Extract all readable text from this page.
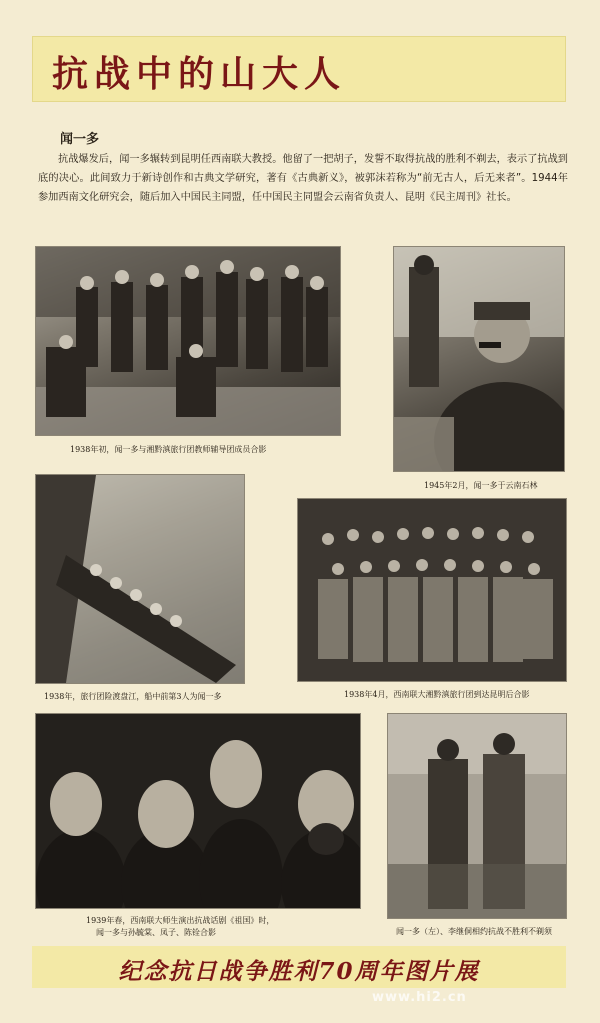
抗战中的山大人
闻一多

抗战爆发后，闻一多辗转到昆明任西南联大教授。他留了一把胡子，发誓不取得抗战的胜利不剃去，表示了抗战到底的决心。此间致力于新诗创作和古典文学研究，著有《古典新义》，被郭沫若称为“前无古人，后无来者”。1944年参加西南文化研究会，随后加入中国民主同盟，任中国民主同盟会云南省负责人、昆明《民主周刊》社长。

1938年初，闻一多与湘黔滇旅行团教师辅导团成员合影
1945年2月，闻一多于云南石林
1938年，旅行团险渡盘江，船中前第3人为闻一多	1938年4月，西南联大湘黔滇旅行团到达昆明后合影
1939年春，西南联大师生演出抗战话剧《祖国》时，
闻一多与孙毓棠、凤子、陈铨合影	闻一多（左）、李继侗相约抗战不胜利不剃须
纪念抗日战争胜利70周年图片展
www.hi2.cn
